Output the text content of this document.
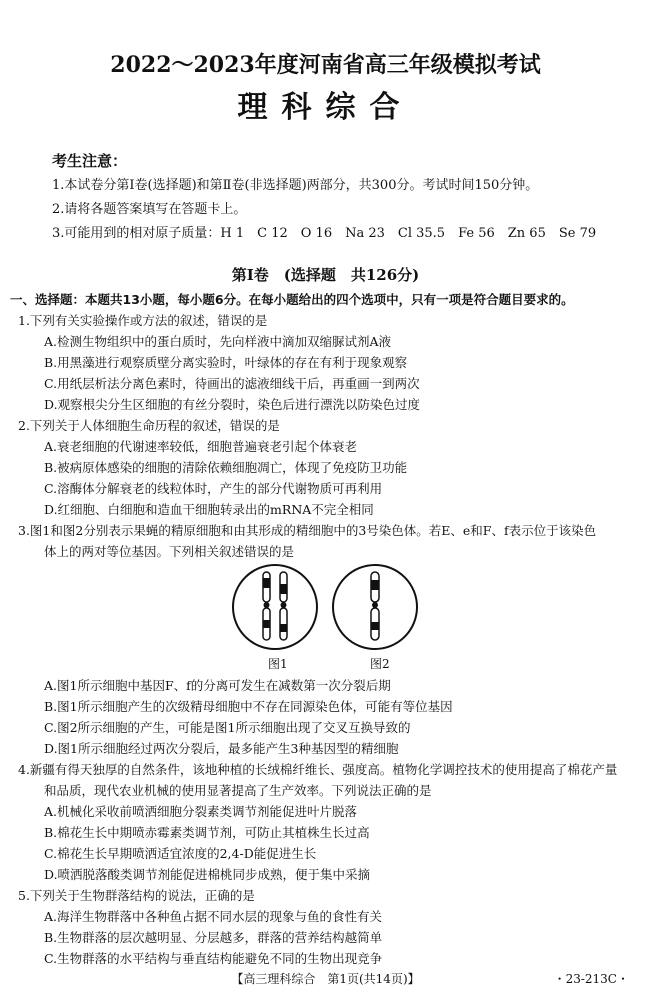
2022～2023年度河南省高三年级模拟考试
理科综合
考生注意：
1.本试卷分第Ⅰ卷(选择题)和第Ⅱ卷(非选择题)两部分，共300分。考试时间150分钟。
2.请将各题答案填写在答题卡上。
3.可能用到的相对原子质量：H 1　C 12　O 16　Na 23　Cl 35.5　Fe 56　Zn 65　Se 79
第Ⅰ卷　(选择题　共126分)
一、选择题：本题共13小题，每小题6分。在每小题给出的四个选项中，只有一项是符合题目要求的。
1.下列有关实验操作或方法的叙述，错误的是
A.检测生物组织中的蛋白质时，先向样液中滴加双缩脲试剂A液
B.用黑藻进行观察质壁分离实验时，叶绿体的存在有利于现象观察
C.用纸层析法分离色素时，待画出的滤液细线干后，再重画一到两次
D.观察根尖分生区细胞的有丝分裂时，染色后进行漂洗以防染色过度
2.下列关于人体细胞生命历程的叙述，错误的是
A.衰老细胞的代谢速率较低，细胞普遍衰老引起个体衰老
B.被病原体感染的细胞的清除依赖细胞凋亡，体现了免疫防卫功能
C.溶酶体分解衰老的线粒体时，产生的部分代谢物质可再利用
D.红细胞、白细胞和造血干细胞转录出的mRNA不完全相同
3.图1和图2分别表示果蝇的精原细胞和由其形成的精细胞中的3号染色体。若E、e和F、f表示位于该染色
体上的两对等位基因。下列相关叙述错误的是
图1	图2
A.图1所示细胞中基因F、f的分离可发生在减数第一次分裂后期
B.图1所示细胞产生的次级精母细胞中不存在同源染色体，可能有等位基因
C.图2所示细胞的产生，可能是图1所示细胞出现了交叉互换导致的
D.图1所示细胞经过两次分裂后，最多能产生3种基因型的精细胞
4.新疆有得天独厚的自然条件，该地种植的长绒棉纤维长、强度高。植物化学调控技术的使用提高了棉花产量
和品质，现代农业机械的使用显著提高了生产效率。下列说法正确的是
A.机械化采收前喷洒细胞分裂素类调节剂能促进叶片脱落
B.棉花生长中期喷赤霉素类调节剂，可防止其植株生长过高
C.棉花生长早期喷洒适宜浓度的2,4-D能促进生长
D.喷洒脱落酸类调节剂能促进棉桃同步成熟，便于集中采摘
5.下列关于生物群落结构的说法，正确的是
A.海洋生物群落中各种鱼占据不同水层的现象与鱼的食性有关
B.生物群落的层次越明显、分层越多，群落的营养结构越简单
C.生物群落的水平结构与垂直结构能避免不同的生物出现竞争
【高三理科综合　第1页(共14页)】	・23-213C・
